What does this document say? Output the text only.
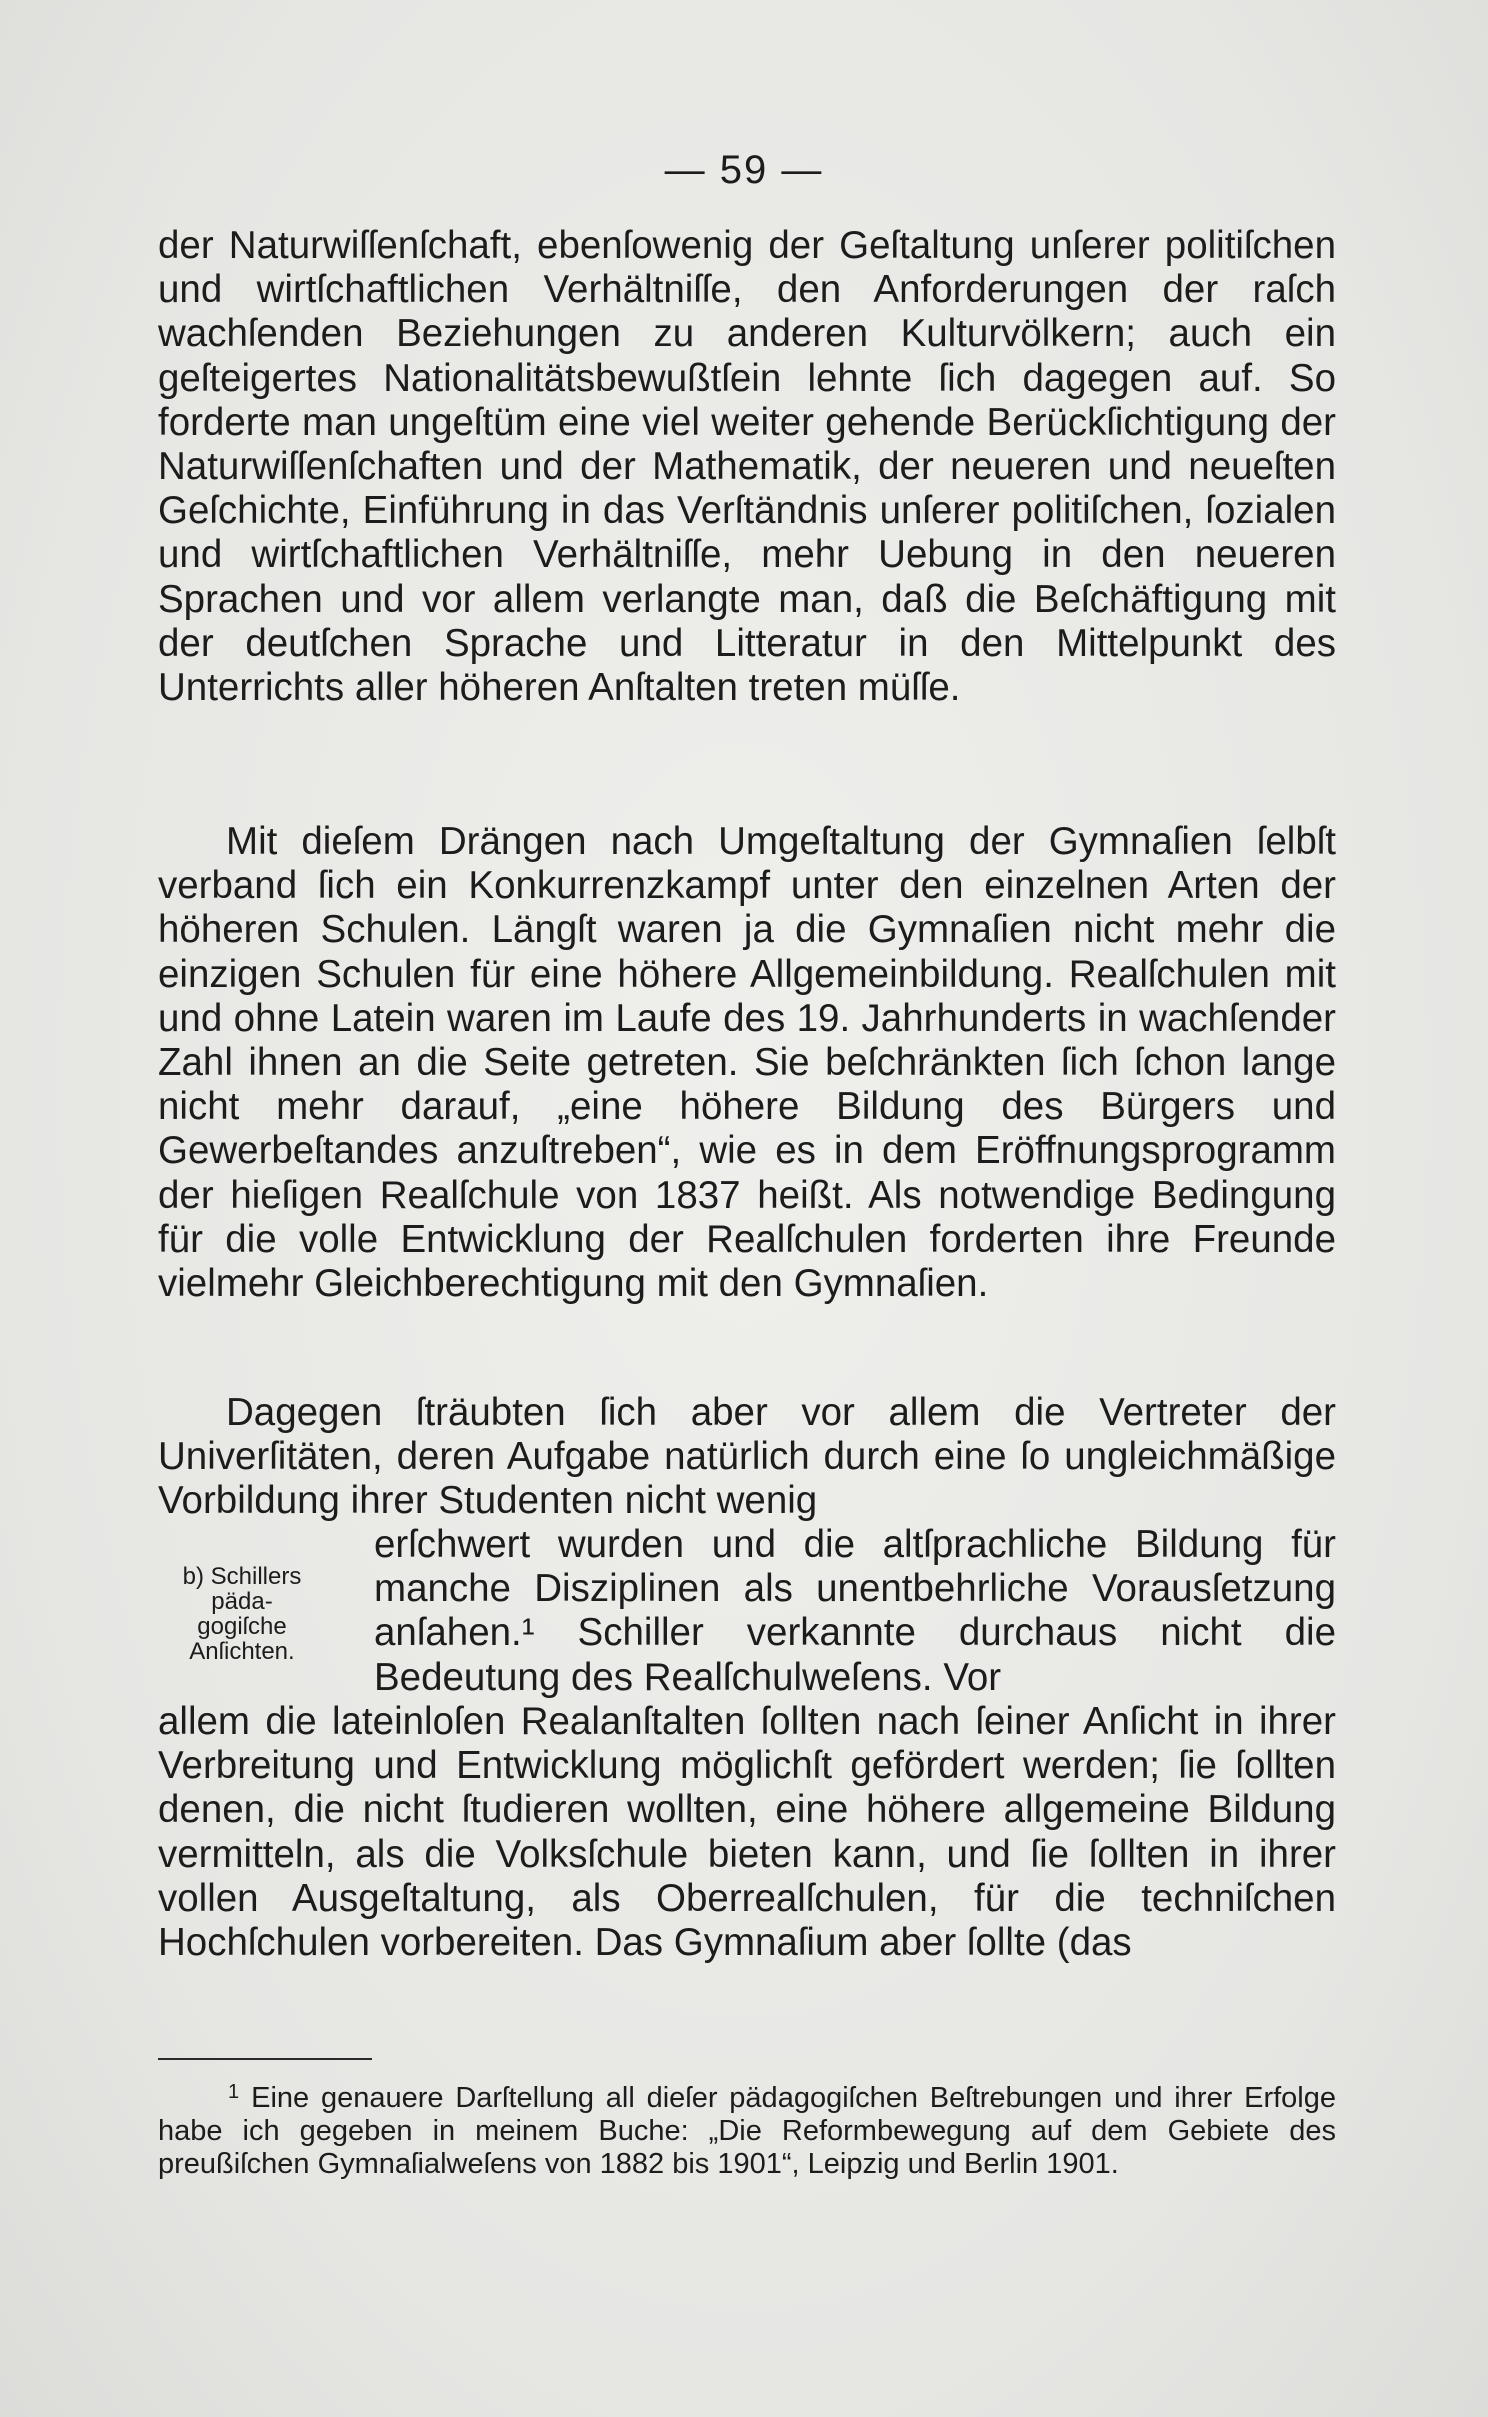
— 59 —

der Naturwiſſenſchaft, ebenſowenig der Geſtaltung unſerer politiſchen und wirtſchaftlichen Verhältniſſe, den Anforderungen der raſch wachſenden Beziehungen zu anderen Kulturvölkern; auch ein geſteigertes Nationalitätsbewußtſein lehnte ſich dagegen auf. So forderte man ungeſtüm eine viel weiter gehende Berückſichtigung der Naturwiſſenſchaften und der Mathematik, der neueren und neueſten Geſchichte, Einführung in das Verſtändnis unſerer politiſchen, ſozialen und wirtſchaftlichen Verhältniſſe, mehr Uebung in den neueren Sprachen und vor allem verlangte man, daß die Beſchäftigung mit der deutſchen Sprache und Litteratur in den Mittelpunkt des Unterrichts aller höheren Anſtalten treten müſſe.

Mit dieſem Drängen nach Umgeſtaltung der Gymnaſien ſelbſt verband ſich ein Konkurrenzkampf unter den einzelnen Arten der höheren Schulen. Längſt waren ja die Gymnaſien nicht mehr die einzigen Schulen für eine höhere Allgemeinbildung. Realſchulen mit und ohne Latein waren im Laufe des 19. Jahrhunderts in wachſender Zahl ihnen an die Seite getreten. Sie beſchränkten ſich ſchon lange nicht mehr darauf, „eine höhere Bildung des Bürgers und Gewerbeſtandes anzuſtreben“, wie es in dem Eröffnungsprogramm der hieſigen Realſchule von 1837 heißt. Als notwendige Bedingung für die volle Entwicklung der Realſchulen forderten ihre Freunde vielmehr Gleichberechtigung mit den Gymnaſien.

Dagegen ſträubten ſich aber vor allem die Vertreter der Univerſitäten, deren Aufgabe natürlich durch eine ſo ungleichmäßige Vorbildung ihrer Studenten nicht wenig

b) Schillers
päda-
gogiſche
Anſichten.

erſchwert wurden und die altſprachliche Bildung für manche Disziplinen als unentbehrliche Vorausſetzung anſahen.¹ Schiller verkannte durchaus nicht die Bedeutung des Realſchulweſens. Vor

allem die lateinloſen Realanſtalten ſollten nach ſeiner Anſicht in ihrer Verbreitung und Entwicklung möglichſt gefördert werden; ſie ſollten denen, die nicht ſtudieren wollten, eine höhere allgemeine Bildung vermitteln, als die Volksſchule bieten kann, und ſie ſollten in ihrer vollen Ausgeſtaltung, als Oberrealſchulen, für die techniſchen Hochſchulen vorbereiten. Das Gymnaſium aber ſollte (das

$^1$ Eine genauere Darſtellung all dieſer pädagogiſchen Beſtrebungen und ihrer Erfolge habe ich gegeben in meinem Buche: „Die Reformbewegung auf dem Gebiete des preußiſchen Gymnaſialweſens von 1882 bis 1901“, Leipzig und Berlin 1901.
